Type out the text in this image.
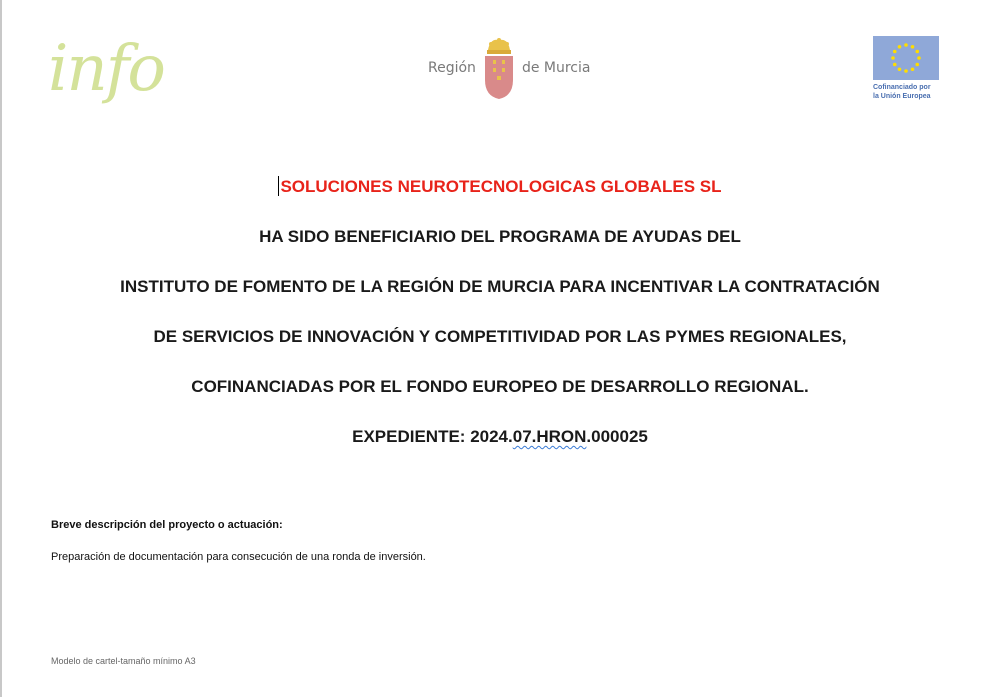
info	Región	de Murcia
Cofinanciado por
la Unión Europea
SOLUCIONES NEUROTECNOLOGICAS GLOBALES SL
HA SIDO BENEFICIARIO DEL PROGRAMA DE AYUDAS DEL
INSTITUTO DE FOMENTO DE LA REGIÓN DE MURCIA PARA INCENTIVAR LA CONTRATACIÓN
DE SERVICIOS DE INNOVACIÓN Y COMPETITIVIDAD POR LAS PYMES REGIONALES,
COFINANCIADAS POR EL FONDO EUROPEO DE DESARROLLO REGIONAL.
EXPEDIENTE: 2024.07.HRON.000025
Breve descripción del proyecto o actuación:
Preparación de documentación para consecución de una ronda de inversión.
Modelo de cartel-tamaño mínimo A3
